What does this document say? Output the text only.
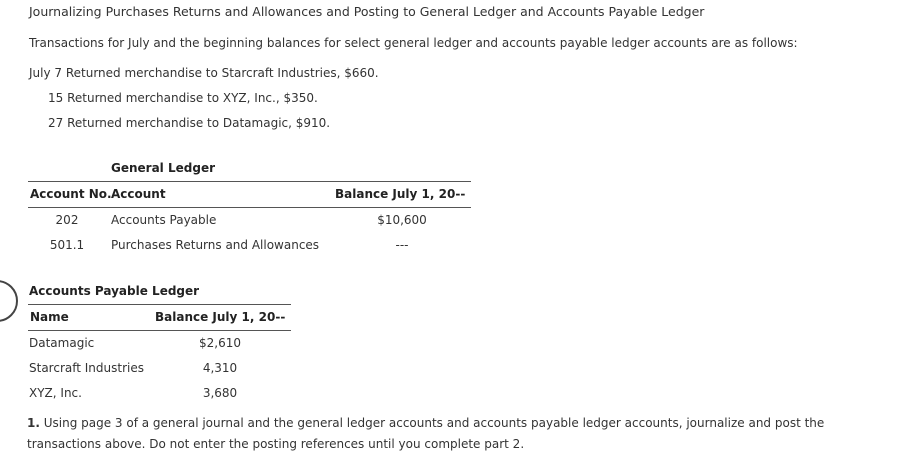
Journalizing Purchases Returns and Allowances and Posting to General Ledger and Accounts Payable Ledger
Transactions for July and the beginning balances for select general ledger and accounts payable ledger accounts are as follows:
July 7 Returned merchandise to Starcraft Industries, $660.
15 Returned merchandise to XYZ, Inc., $350.
27 Returned merchandise to Datamagic, $910.
General Ledger
Account No. Account	Balance July 1, 20--
202	Accounts Payable	$10,600
501.1	Purchases Returns and Allowances	---
Accounts Payable Ledger
Name	Balance July 1, 20--
Datamagic	$2,610
Starcraft Industries	4,310
XYZ, Inc.	3,680
1. Using page 3 of a general journal and the general ledger accounts and accounts payable ledger accounts, journalize and post the transactions above. Do not enter the posting references until you complete part 2.
